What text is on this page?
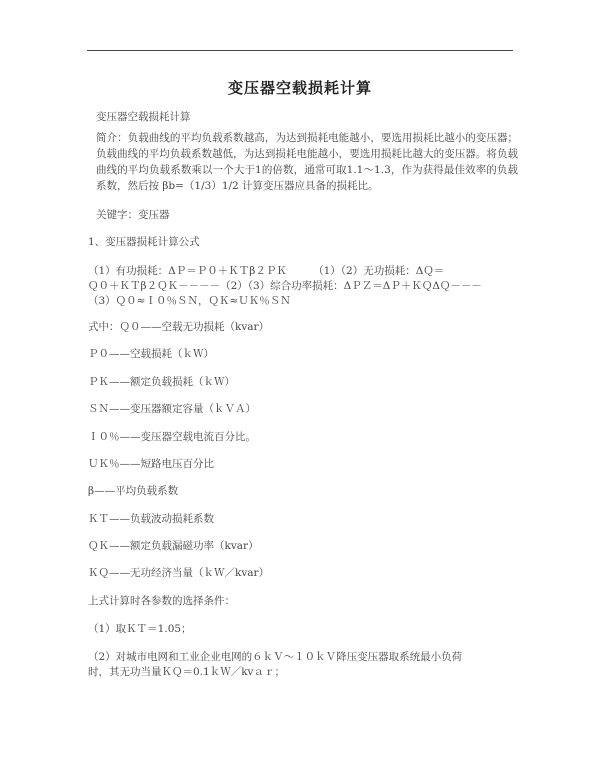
变压器空载损耗计算
变压器空载损耗计算
简介：负载曲线的平均负载系数越高，为达到损耗电能越小，要选用损耗比越小的变压器；负载曲线的平均负载系数越低，为达到损耗电能越小，要选用损耗比越大的变压器。将负载曲线的平均负载系数乘以一个大于1的倍数，通常可取1.1～1.3，作为获得最佳效率的负载系数，然后按 βb=（1/3）1/2 计算变压器应具备的损耗比。
关键字：变压器
1、变压器损耗计算公式
（1）有功损耗：ΔＰ＝Ｐ０＋ＫＴβ２ＰＫ　　　（1）（2）无功损耗：ΔＱ＝
Ｑ０＋ＫＴβ２ＱＫ－－－－（2）（3）综合功率损耗：ΔＰＺ＝ΔＰ＋ＫＱΔＱ－－－
（3）Ｑ０≈Ｉ０％ＳＮ，ＱＫ≈ＵＫ％ＳＮ
式中：Ｑ０——空载无功损耗（kvar）
Ｐ０——空载损耗（ｋＷ）
ＰＫ——额定负载损耗（ｋＷ）
ＳＮ——变压器额定容量（ｋＶＡ）
Ｉ０％——变压器空载电流百分比。
ＵＫ％——短路电压百分比
β——平均负载系数
ＫＴ——负载波动损耗系数
ＱＫ——额定负载漏磁功率（kvar）
ＫＱ——无功经济当量（ｋＷ／kvar）
上式计算时各参数的选择条件：
（1）取ＫＴ＝1.05；
（2）对城市电网和工业企业电网的６ｋＶ～１０ｋＶ降压变压器取系统最小负荷
时，其无功当量ＫＱ＝0.1ｋＷ／kvａｒ；
